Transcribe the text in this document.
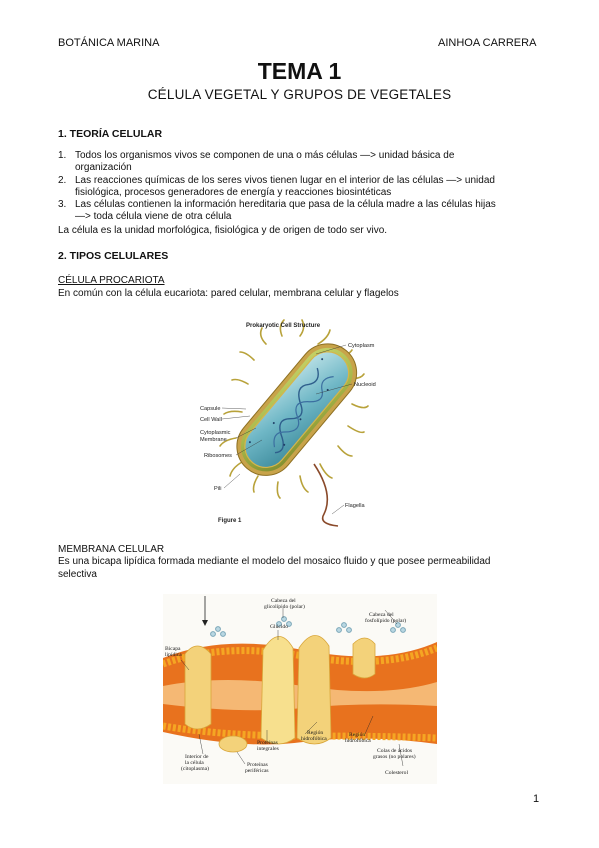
BOTÁNICA MARINA	AINHOA CARRERA
TEMA 1
CÉLULA VEGETAL Y GRUPOS DE VEGETALES
1. TEORÍA CELULAR
1. Todos los organismos vivos se componen de una o más células —> unidad básica de
organización
2. Las reacciones químicas de los seres vivos tienen lugar en el interior de las células —> unidad
fisiológica, procesos generadores de energía y reacciones biosintéticas
3. Las células contienen la información hereditaria que pasa de la célula madre a las células hijas
—> toda célula viene de otra célula
La célula es la unidad morfológica, fisiológica y de origen de todo ser vivo.
2. TIPOS CELULARES
CÉLULA PROCARIOTA
En común con la célula eucariota: pared celular, membrana celular y flagelos
Prokaryotic Cell Structure
Cytoplasm
Nucleoid
Capsule
Cell Wall
Cytoplasmic
Membrane
Ribosomes
Pili
Flagella
Figure 1
MEMBRANA CELULAR
Es una bicapa lipídica formada mediante el modelo del mosaico fluido y que posee permeabilidad
selectiva
Cabeza del
glicolípido (polar)
Glúcido
Cabeza del
fosfolípido (polar)
Bicapa
lipídica
Proteínas
integrales
Región
hidrofóbica
Región
hidrofóbica
Interior de
la célula
(citoplasma)
Proteínas
periféricas
Colas de ácidos
grasos (no polares)
Colesterol
1
